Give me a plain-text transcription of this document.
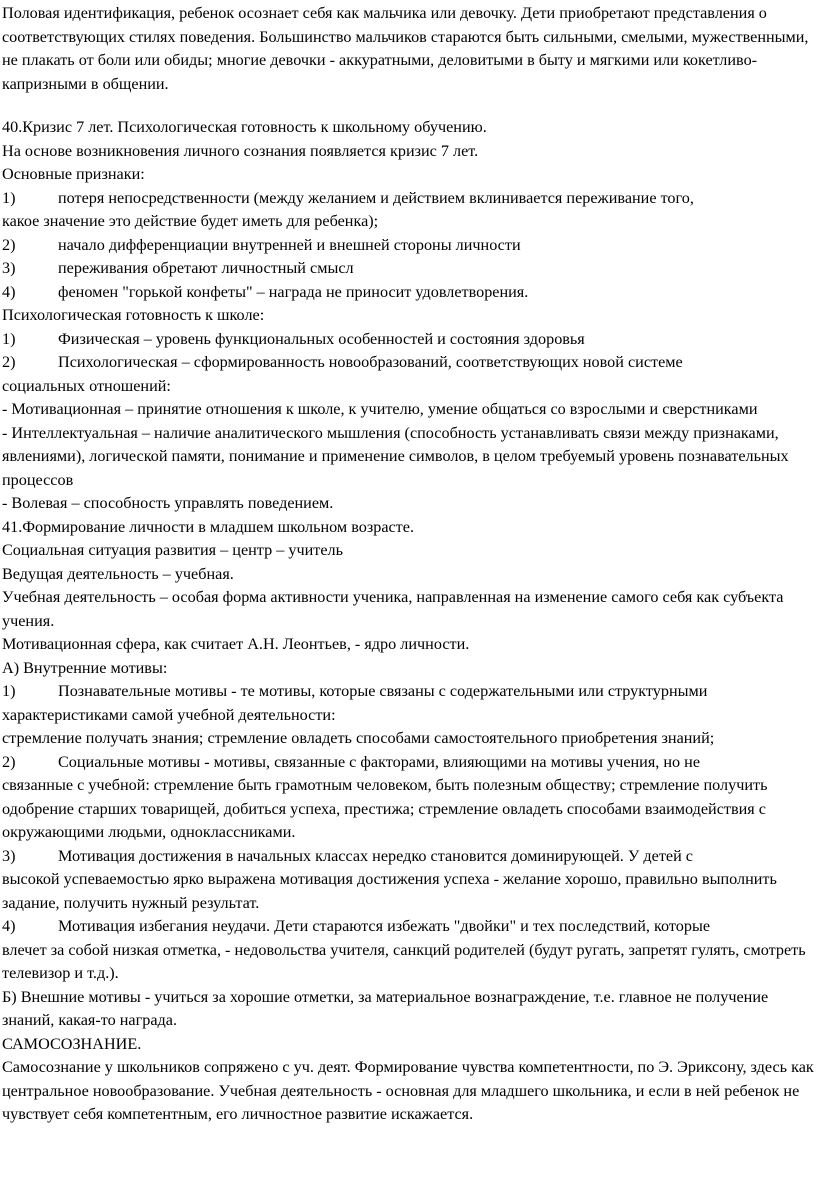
Половая идентификация, ребенок осознает себя как мальчика или девочку. Дети приобретают представления о соответствующих стилях поведения. Большинство мальчиков стараются быть сильными, смелыми, мужественными, не плакать от боли или обиды; многие девочки - аккуратными, деловитыми в быту и мягкими или кокетливо-капризными в общении.

40.Кризис 7 лет. Психологическая готовность к школьному обучению.

На основе возникновения личного сознания появляется кризис 7 лет.

Основные признаки:

1)	потеря непосредственности (между желанием и действием вклинивается переживание того,

какое значение это действие будет иметь для ребенка);

2)	начало дифференциации внутренней и внешней стороны личности
3)	переживания обретают личностный смысл
4)	феномен "горькой конфеты" – награда не приносит удовлетворения.

Психологическая готовность к школе:

1)	Физическая – уровень функциональных особенностей и состояния здоровья
2)	Психологическая – сформированность новообразований, соответствующих новой системе

социальных отношений:

- Мотивационная – принятие отношения к школе, к учителю, умение общаться со взрослыми и сверстниками

- Интеллектуальная – наличие аналитического мышления (способность устанавливать связи между признаками, явлениями), логической памяти, понимание и применение символов, в целом требуемый уровень познавательных процессов

- Волевая – способность управлять поведением.

41.Формирование личности в младшем школьном возрасте.

Социальная ситуация развития – центр – учитель

Ведущая деятельность – учебная.

Учебная деятельность – особая форма активности ученика, направленная на изменение самого себя как субъекта учения.

Мотивационная сфера, как считает А.Н. Леонтьев, - ядро личности.

А) Внутренние мотивы:

1)	Познавательные мотивы - те мотивы, которые связаны с содержательными или структурными

характеристиками самой учебной деятельности:

стремление получать знания; стремление овладеть способами самостоятельного приобретения знаний;

2)	Социальные мотивы - мотивы, связанные с факторами, влияющими на мотивы учения, но не

связанные с учебной: стремление быть грамотным человеком, быть полезным обществу; стремление получить одобрение старших товарищей, добиться успеха, престижа; стремление овладеть способами взаимодействия с окружающими людьми, одноклассниками.

3)	Мотивация достижения в начальных классах нередко становится доминирующей. У детей с

высокой успеваемостью ярко выражена мотивация достижения успеха - желание хорошо, правильно выполнить задание, получить нужный результат.

4)	Мотивация избегания неудачи. Дети стараются избежать "двойки" и тех последствий, которые

влечет за собой низкая отметка, - недовольства учителя, санкций родителей (будут ругать, запретят гулять, смотреть телевизор и т.д.).

Б) Внешние мотивы - учиться за хорошие отметки, за материальное вознаграждение, т.е. главное не получение знаний, какая-то награда.

САМОСОЗНАНИЕ.

Самосознание у школьников сопряжено с уч. деят. Формирование чувства компетентности, по Э. Эриксону, здесь как центральное новообразование. Учебная деятельность - основная для младшего школьника, и если в ней ребенок не чувствует себя компетентным, его личностное развитие искажается.
